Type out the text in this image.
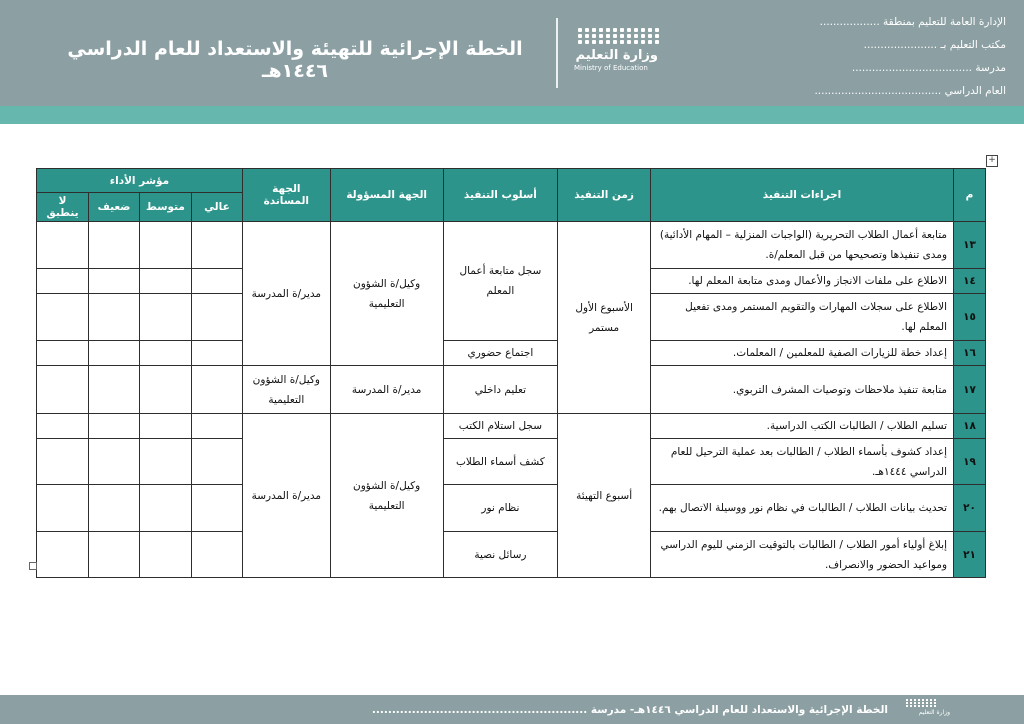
الخطة الإجرائية للتهيئة والاستعداد للعام الدراسي ١٤٤٦هـ
وزارة التعليم
Ministry of Education
الإدارة العامة للتعليم بمنطقة ..................
مكتب التعليم بـ ......................
مدرسة ....................................
العام الدراسي ......................................
+
م	اجراءات التنفيذ	زمن التنفيذ	أسلوب التنفيذ	الجهة المسؤولة	الجهة المساندة	مؤشر الأداء			
						عالي	متوسط	ضعيف	لا ينطبق
١٣	متابعة أعمال الطلاب التحريرية (الواجبات المنزلية – المهام الأدائية) ومدى تنفيذها وتصحيحها من قبل المعلم/ة.	الأسبوع الأول مستمر	سجل متابعة أعمال المعلم	وكيل/ة الشؤون التعليمية	مدير/ة المدرسة				
١٤	الاطلاع على ملفات الانجاز والأعمال ومدى متابعة المعلم لها.								
١٥	الاطلاع على سجلات المهارات والتقويم المستمر ومدى تفعيل المعلم لها.								
١٦	إعداد خطة للزيارات الصفية للمعلمين / المعلمات.		اجتماع حضوري						
١٧	متابعة تنفيذ ملاحظات وتوصيات المشرف التربوي.		تعليم داخلي	مدير/ة المدرسة	وكيل/ة الشؤون التعليمية				
١٨	تسليم الطلاب / الطالبات الكتب الدراسية.	أسبوع التهيئة	سجل استلام الكتب	وكيل/ة الشؤون التعليمية	مدير/ة المدرسة				
١٩	إعداد كشوف بأسماء الطلاب / الطالبات بعد عملية الترحيل للعام الدراسي ١٤٤٤هـ.		كشف أسماء الطلاب						
٢٠	تحديث بيانات الطلاب / الطالبات في نظام نور ووسيلة الاتصال بهم.		نظام نور						
٢١	إبلاغ أولياء أمور الطلاب / الطالبات بالتوقيت الزمني لليوم الدراسي ومواعيد الحضور والانصراف.		رسائل نصية						
الخطة الإجرائية والاستعداد للعام الدراسي ١٤٤٦هـ- مدرسة ......................................................	وزارة التعليم
